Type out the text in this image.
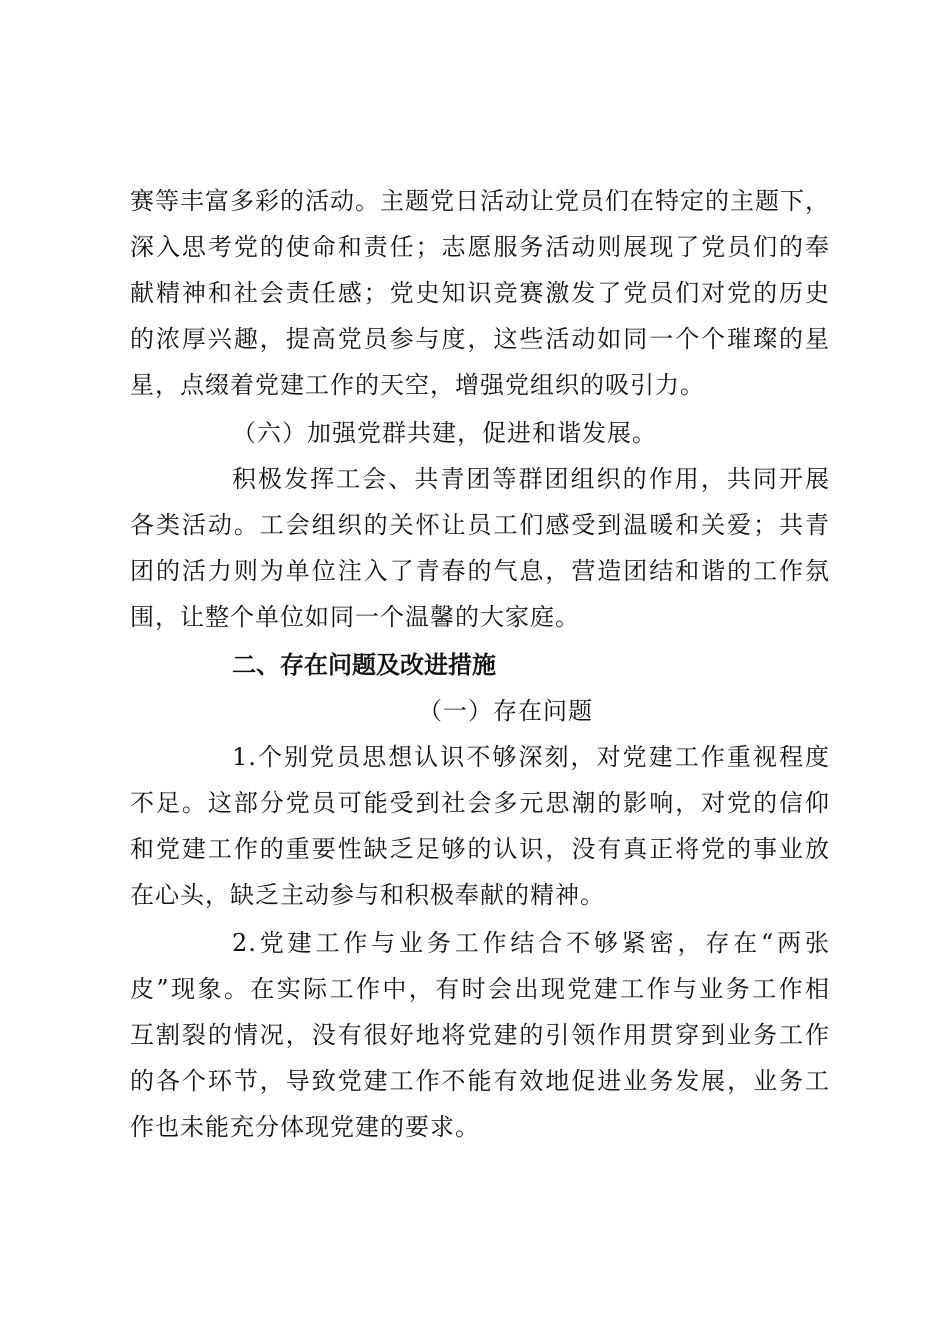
赛等丰富多彩的活动。主题党日活动让党员们在特定的主题下，
深入思考党的使命和责任；志愿服务活动则展现了党员们的奉
献精神和社会责任感；党史知识竞赛激发了党员们对党的历史
的浓厚兴趣，提高党员参与度，这些活动如同一个个璀璨的星
星，点缀着党建工作的天空，增强党组织的吸引力。
（六）加强党群共建，促进和谐发展。
积极发挥工会、共青团等群团组织的作用，共同开展
各类活动。工会组织的关怀让员工们感受到温暖和关爱；共青
团的活力则为单位注入了青春的气息，营造团结和谐的工作氛
围，让整个单位如同一个温馨的大家庭。
二、存在问题及改进措施
（一）存在问题
1.个别党员思想认识不够深刻，对党建工作重视程度
不足。这部分党员可能受到社会多元思潮的影响，对党的信仰
和党建工作的重要性缺乏足够的认识，没有真正将党的事业放
在心头，缺乏主动参与和积极奉献的精神。
2.党建工作与业务工作结合不够紧密，存在“两张
皮”现象。在实际工作中，有时会出现党建工作与业务工作相
互割裂的情况，没有很好地将党建的引领作用贯穿到业务工作
的各个环节，导致党建工作不能有效地促进业务发展，业务工
作也未能充分体现党建的要求。
